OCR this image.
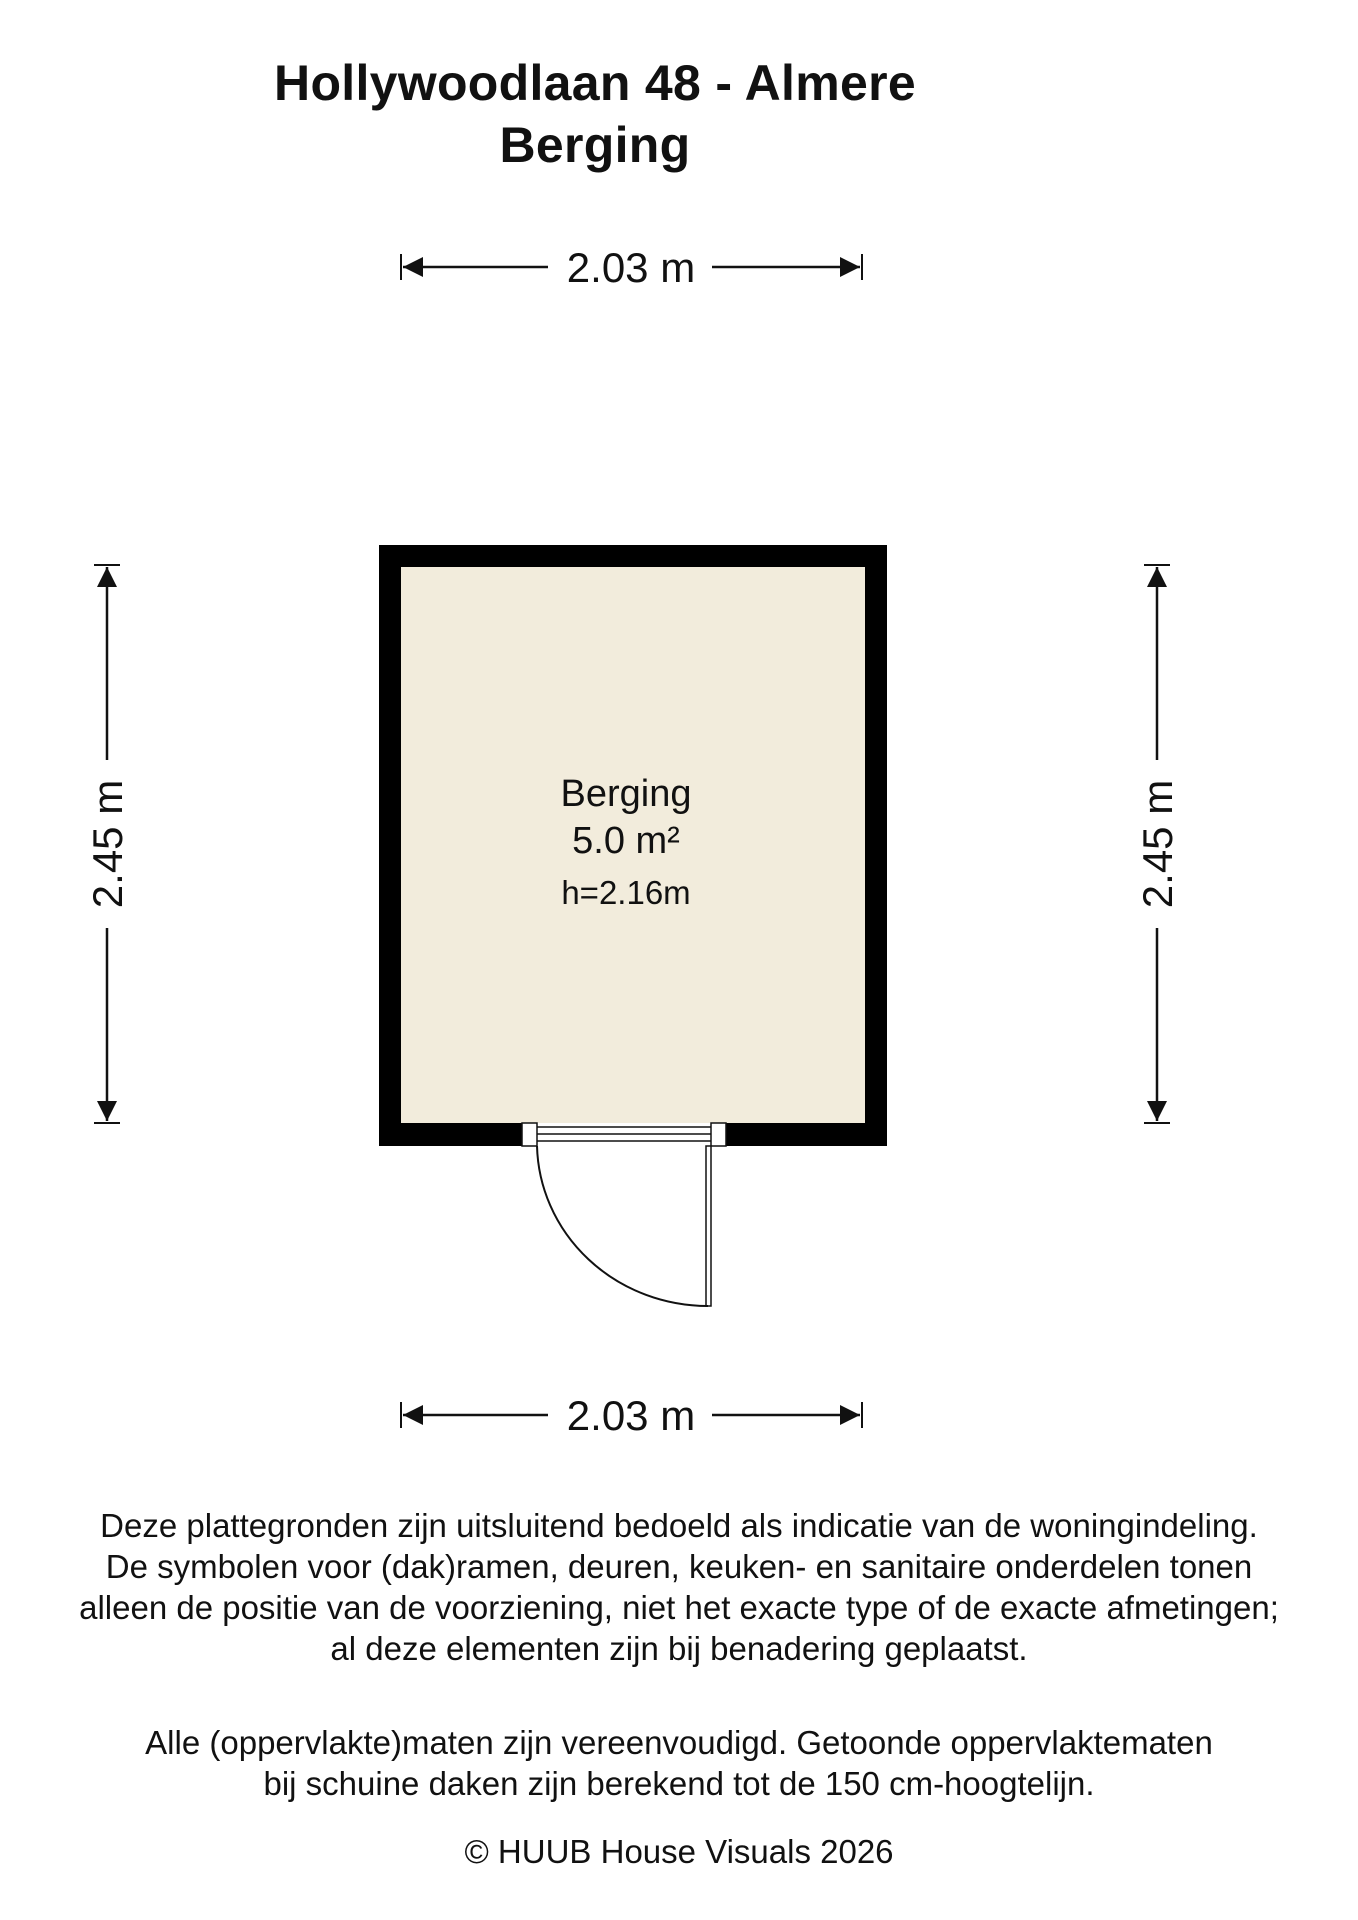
Hollywoodlaan 48 - Almere
Berging
2.03 m
2.03 m
2.45 m	2.45 m
Berging
5.0 m²
h=2.16m
Deze plattegronden zijn uitsluitend bedoeld als indicatie van de woningindeling.
De symbolen voor (dak)ramen, deuren, keuken- en sanitaire onderdelen tonen
alleen de positie van de voorziening, niet het exacte type of de exacte afmetingen;
al deze elementen zijn bij benadering geplaatst.
Alle (oppervlakte)maten zijn vereenvoudigd. Getoonde oppervlaktematen
bij schuine daken zijn berekend tot de 150 cm-hoogtelijn.
© HUUB House Visuals 2026
